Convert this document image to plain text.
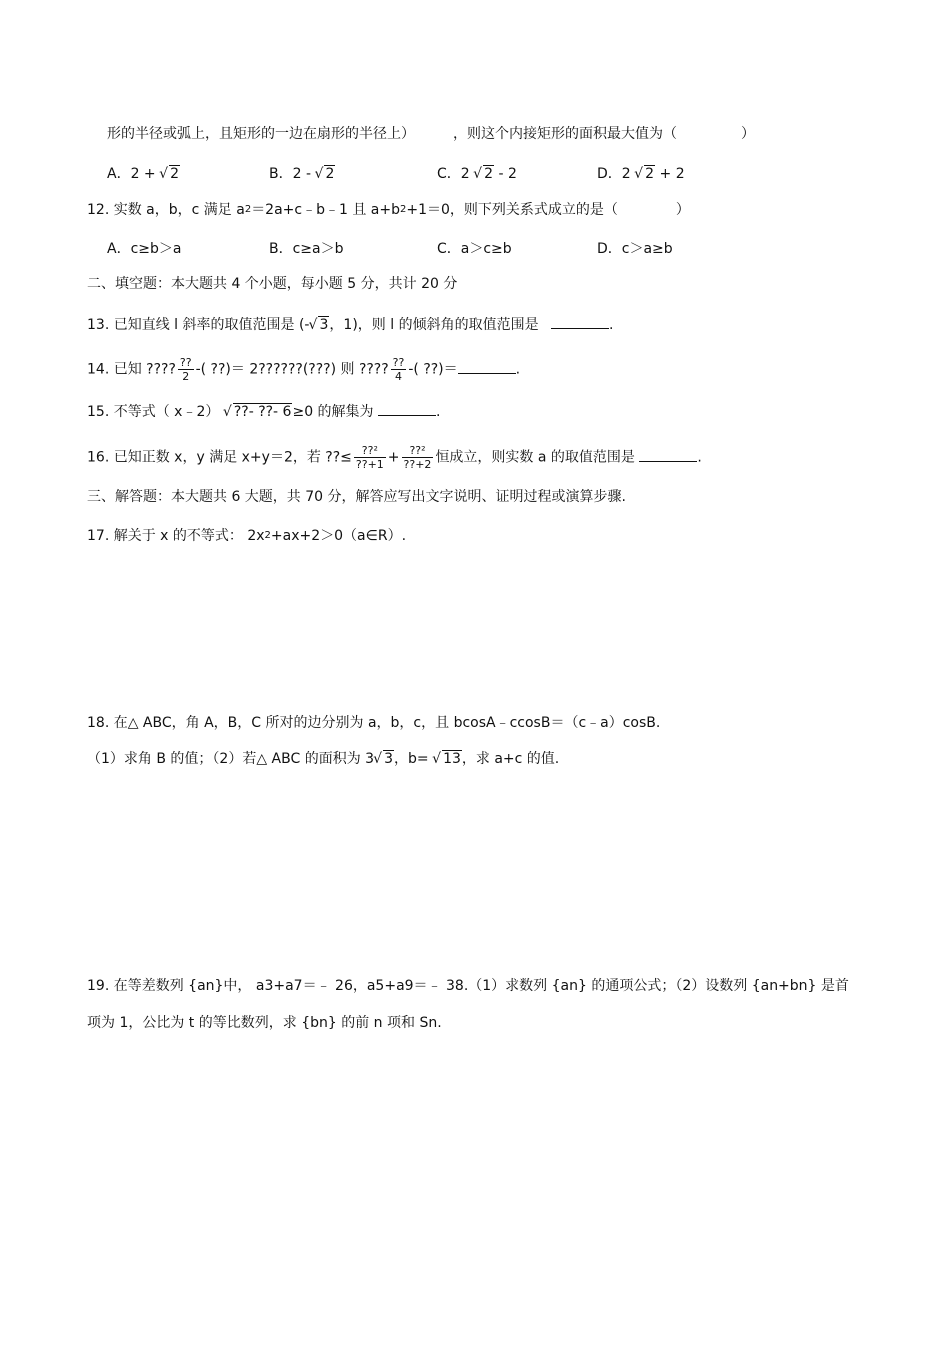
形的半径或弧上，且矩形的一边在扇形的半径上）	，则这个内接矩形的面积最大值为（	）
A．2 + √ 2	B．2 - √ 2	C．2 √ 2 - 2	D．2 √ 2 + 2
12. 实数 a，b，c 满足 $a^2=2a+c﹣b﹣1$ 且 $a+b^2+1=0$，则下列关系式成立的是（	）
A．c≥b＞a	B．c≥a＞b	C．a＞c≥b	D．c＞a≥b
二、填空题：本大题共 4 个小题，每小题 5 分，共计 20 分
13. 已知直线 l 斜率的取值范围是 (- √ 3，1)，则 l 的倾斜角的取值范围是	.
14. 已知 ???? $\frac{??}{2}$ -( ??)＝ 2??????(???) 则 ???? $\frac{??}{4}$ -( ??)＝	.
15. 不等式（ x﹣2） √ ??- ??- 6≥0 的解集为	.
16. 已知正数 x，y 满足 x+y＝2，若 ??≤ $\frac{\text{??²}}{??+1} + \frac{\text{??²}}{??+2}$ 恒成立，则实数 a 的取值范围是	.
三、解答题：本大题共 6 大题，共 70 分，解答应写出文字说明、证明过程或演算步骤.
17. 解关于 x 的不等式： $2x^2+ax+2>0(a\in R)$.
18. 在△ ABC，角 A，B，C 所对的边分别为 a，b，c，且 bcosA﹣ccosB＝（c﹣a）cosB.
（1）求角 B 的值；（2）若△ ABC 的面积为 3 √ 3，b= √ 13，求 a+c 的值.
19. 在等差数列 {an}中， a3+a7＝﹣ 26，a5+a9＝﹣ 38.（1）求数列 {an} 的通项公式；（2）设数列 {an+bn} 是首
项为 1，公比为 t 的等比数列，求 {bn} 的前 n 项和 Sn.
